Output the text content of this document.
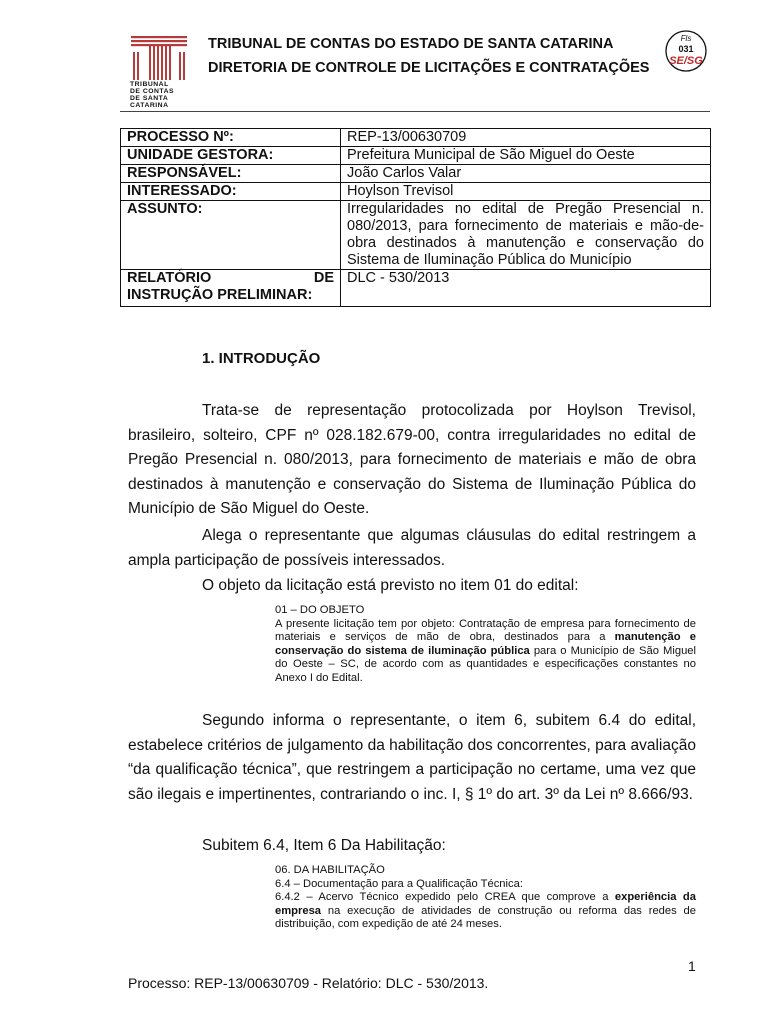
TRIBUNAL
DE CONTAS
DE SANTA
CATARINA
TRIBUNAL DE CONTAS DO ESTADO DE SANTA CATARINA
DIRETORIA DE CONTROLE DE LICITAÇÕES E CONTRATAÇÕES
Fls
031
SE/SG
PROCESSO Nº:	REP-13/00630709
UNIDADE GESTORA:	Prefeitura Municipal de São Miguel do Oeste
RESPONSÁVEL:	João Carlos Valar
INTERESSADO:	Hoylson Trevisol
ASSUNTO:	Irregularidades no edital de Pregão Presencial n. 080/2013, para fornecimento de materiais e mão-de-obra destinados à manutenção e conservação do Sistema de Iluminação Pública do Município

RELATÓRIO DE
INSTRUÇÃO PRELIMINAR:	DLC - 530/2013
1. INTRODUÇÃO
Trata-se de representação protocolizada por Hoylson Trevisol, brasileiro, solteiro, CPF nº 028.182.679-00, contra irregularidades no edital de Pregão Presencial n. 080/2013, para fornecimento de materiais e mão de obra destinados à manutenção e conservação do Sistema de Iluminação Pública do Município de São Miguel do Oeste.
Alega o representante que algumas cláusulas do edital restringem a ampla participação de possíveis interessados.
O objeto da licitação está previsto no item 01 do edital:
01 – DO OBJETO
A presente licitação tem por objeto: Contratação de empresa para fornecimento de materiais e serviços de mão de obra, destinados para a manutenção e conservação do sistema de iluminação pública para o Município de São Miguel do Oeste – SC, de acordo com as quantidades e especificações constantes no Anexo I do Edital.
Segundo informa o representante, o item 6, subitem 6.4 do edital, estabelece critérios de julgamento da habilitação dos concorrentes, para avaliação “da qualificação técnica”, que restringem a participação no certame, uma vez que são ilegais e impertinentes, contrariando o inc. I, § 1º do art. 3º da Lei nº 8.666/93.
Subitem 6.4, Item 6 Da Habilitação:
06. DA HABILITAÇÃO
6.4 – Documentação para a Qualificação Técnica:
6.4.2 – Acervo Técnico expedido pelo CREA que comprove a experiência da empresa na execução de atividades de construção ou reforma das redes de distribuição, com expedição de até 24 meses.
1
Processo: REP-13/00630709 - Relatório: DLC - 530/2013.
